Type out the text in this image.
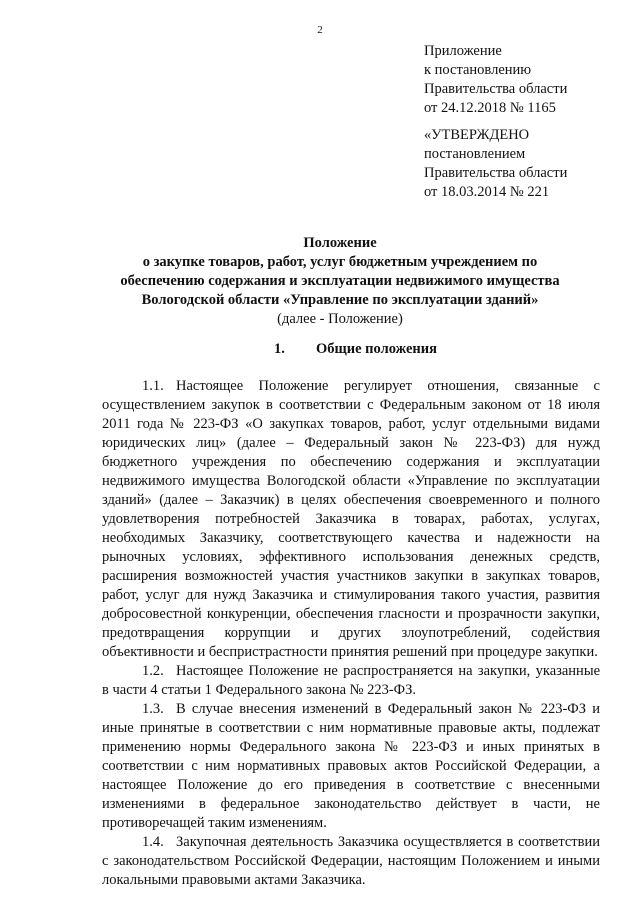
2
Приложение
к постановлению
Правительства области
от 24.12.2018 № 1165
«УТВЕРЖДЕНО
постановлением
Правительства области
от 18.03.2014 № 221
Положение
о закупке товаров, работ, услуг бюджетным учреждением по
обеспечению содержания и эксплуатации недвижимого имущества
Вологодской области «Управление по эксплуатации зданий»
(далее - Положение)
1. Общие положения

1.1. Настоящее Положение регулирует отношения, связанные с осуществлением закупок в соответствии с Федеральным законом от 18 июля 2011 года № 223-ФЗ «О закупках товаров, работ, услуг отдельными видами юридических лиц» (далее – Федеральный закон № 223-ФЗ) для нужд бюджетного учреждения по обеспечению содержания и эксплуатации недвижимого имущества Вологодской области «Управление по эксплуатации зданий» (далее – Заказчик) в целях обеспечения своевременного и полного удовлетворения потребностей Заказчика в товарах, работах, услугах, необходимых Заказчику, соответствующего качества и надежности на рыночных условиях, эффективного использования денежных средств, расширения возможностей участия участников закупки в закупках товаров, работ, услуг для нужд Заказчика и стимулирования такого участия, развития добросовестной конкуренции, обеспечения гласности и прозрачности закупки, предотвращения коррупции и других злоупотреблений, содействия объективности и беспристрастности принятия решений при процедуре закупки.

1.2. Настоящее Положение не распространяется на закупки, указанные в части 4 статьи 1 Федерального закона № 223-ФЗ.

1.3. В случае внесения изменений в Федеральный закон № 223-ФЗ и иные принятые в соответствии с ним нормативные правовые акты, подлежат применению нормы Федерального закона № 223-ФЗ и иных принятых в соответствии с ним нормативных правовых актов Российской Федерации, а настоящее Положение до его приведения в соответствие с внесенными изменениями в федеральное законодательство действует в части, не противоречащей таким изменениям.

1.4. Закупочная деятельность Заказчика осуществляется в соответствии с законодательством Российской Федерации, настоящим Положением и иными локальными правовыми актами Заказчика.
